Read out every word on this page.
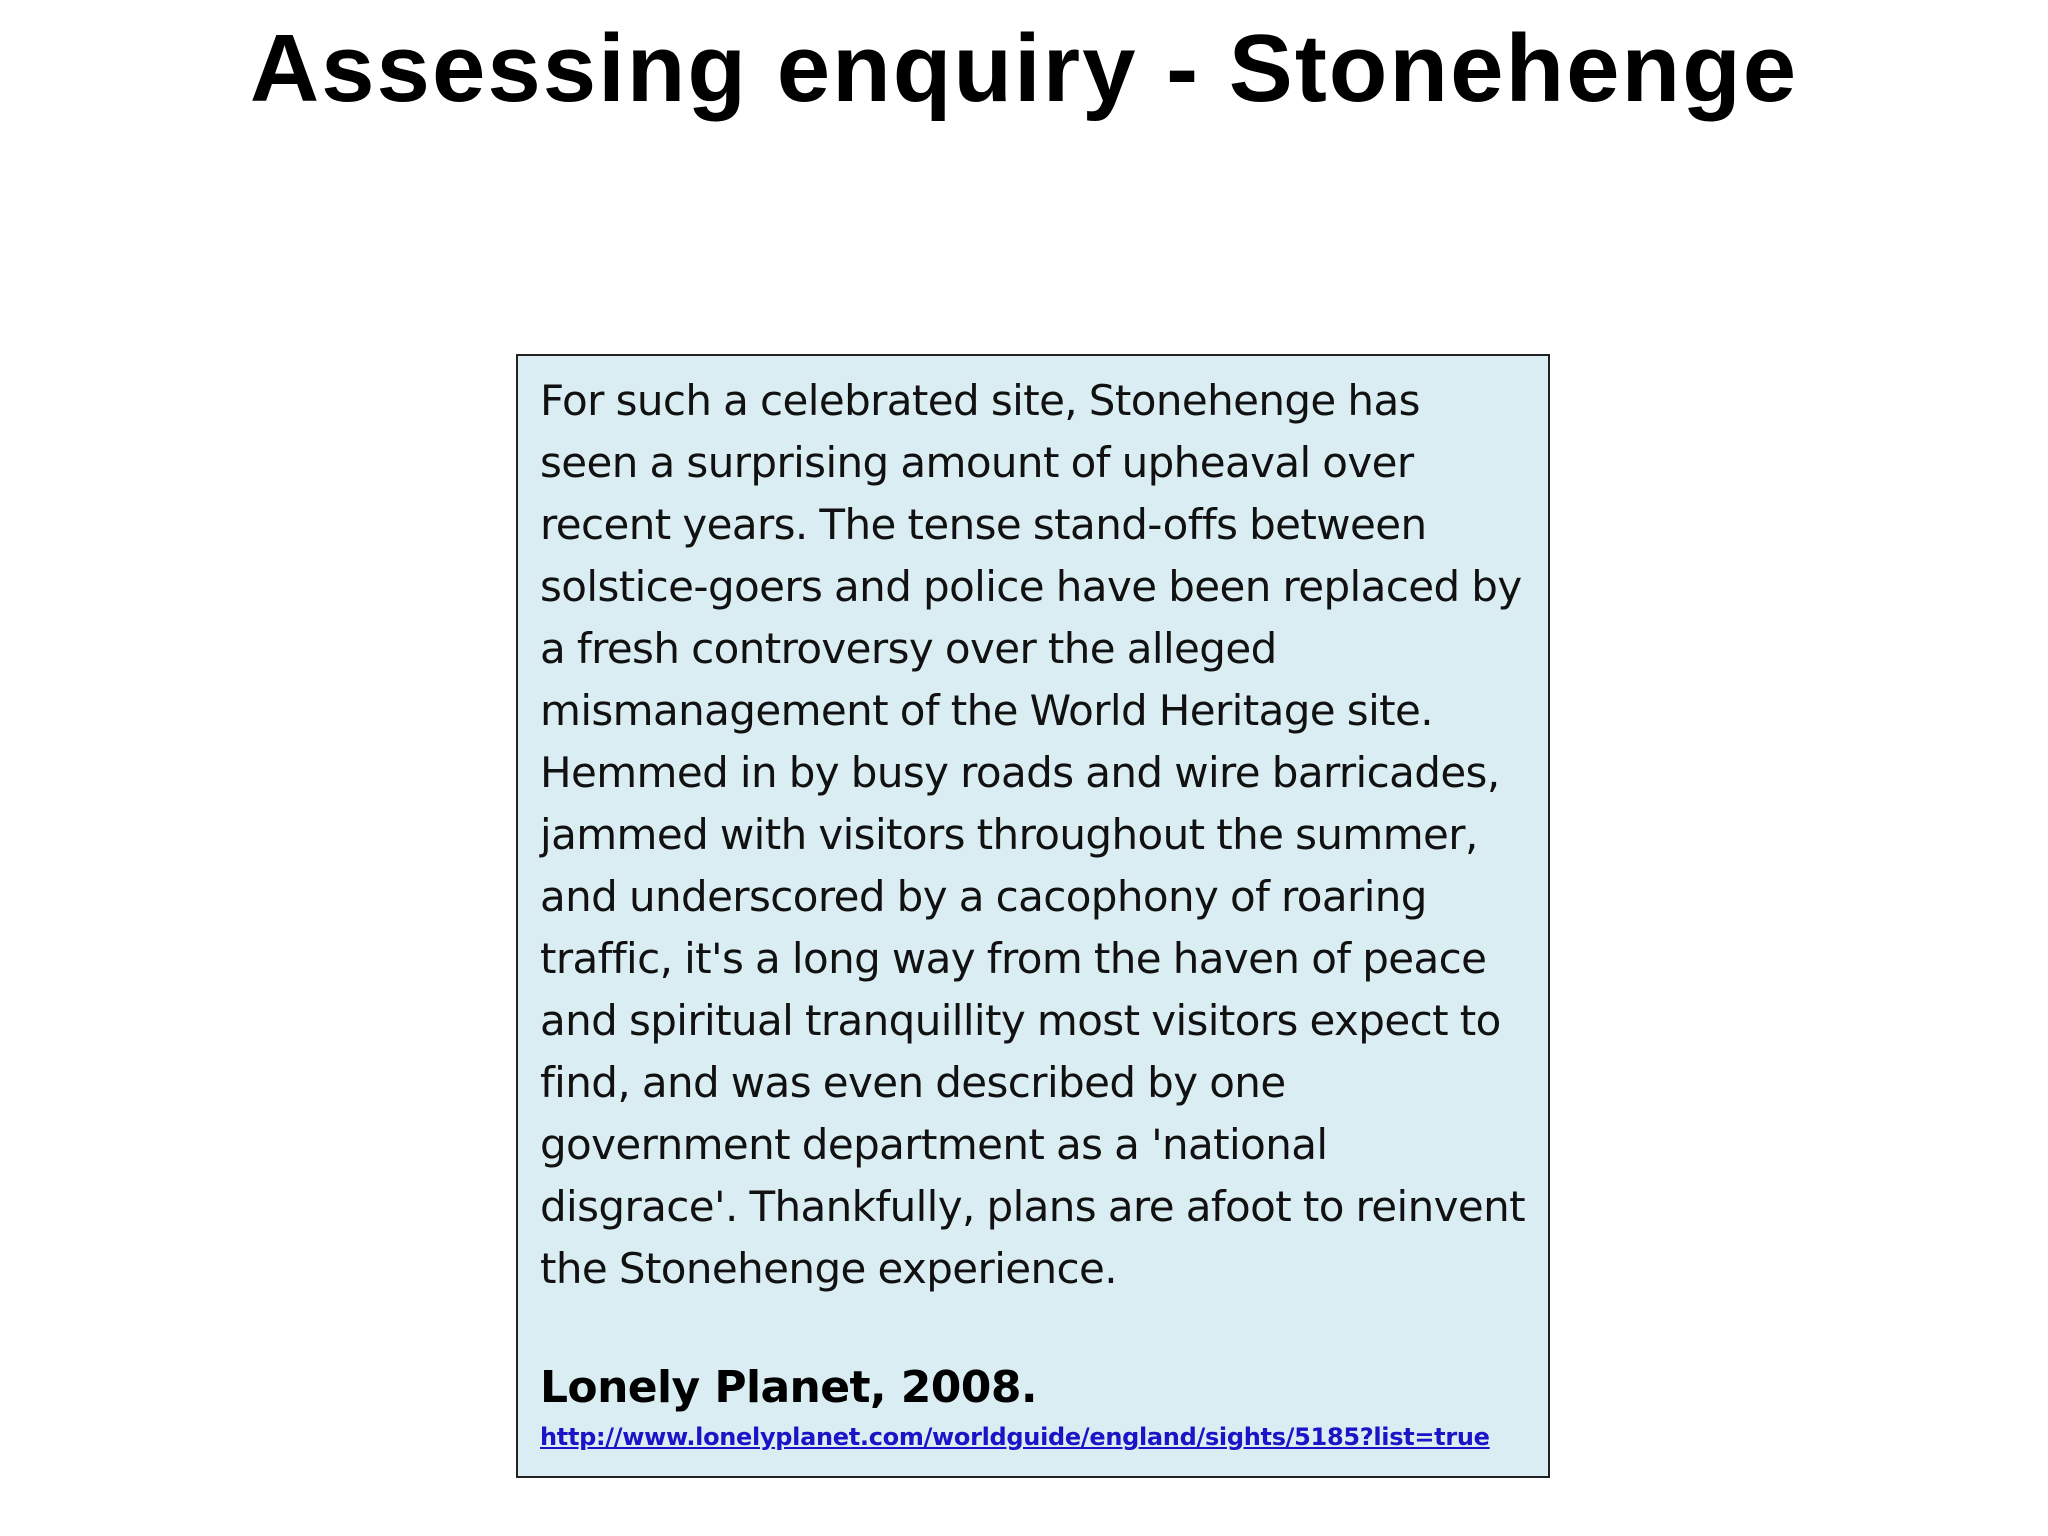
Assessing enquiry - Stonehenge

For such a celebrated site, Stonehenge has seen a surprising amount of upheaval over recent years. The tense stand-offs between solstice-goers and police have been replaced by a fresh controversy over the alleged mismanagement of the World Heritage site. Hemmed in by busy roads and wire barricades, jammed with visitors throughout the summer, and underscored by a cacophony of roaring traffic, it's a long way from the haven of peace and spiritual tranquillity most visitors expect to find, and was even described by one government department as a 'national disgrace'. Thankfully, plans are afoot to reinvent the Stonehenge experience.

Lonely Planet, 2008.

http://www.lonelyplanet.com/worldguide/england/sights/5185?list=true
